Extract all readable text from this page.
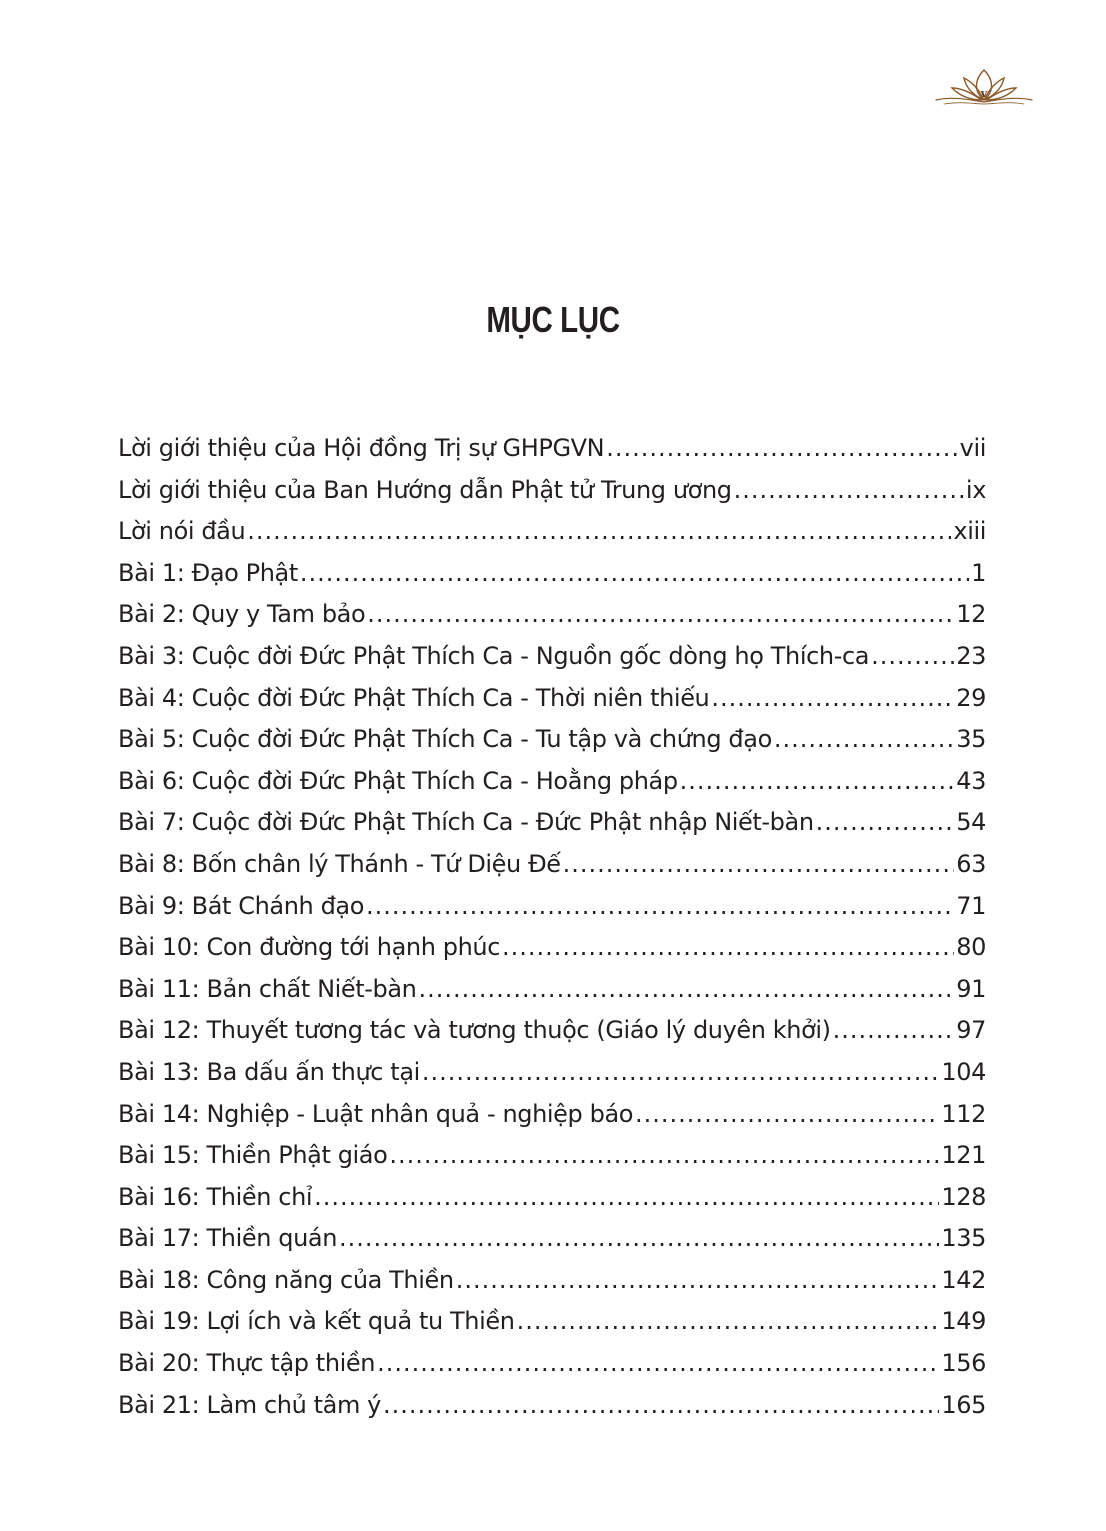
v
MỤC LỤC
Lời giới thiệu của Hội đồng Trị sự GHPGVN .....	vii
Lời giới thiệu của Ban Hướng dẫn Phật tử Trung ương .....	ix
Lời nói đầu .....	xiii
Bài 1: Đạo Phật .....	1
Bài 2: Quy y Tam bảo .....	12
Bài 3: Cuộc đời Đức Phật Thích Ca - Nguồn gốc dòng họ Thích-ca .....	23
Bài 4: Cuộc đời Đức Phật Thích Ca - Thời niên thiếu .....	29
Bài 5: Cuộc đời Đức Phật Thích Ca - Tu tập và chứng đạo .....	35
Bài 6: Cuộc đời Đức Phật Thích Ca - Hoằng pháp .....	43
Bài 7: Cuộc đời Đức Phật Thích Ca - Đức Phật nhập Niết-bàn .....	54
Bài 8: Bốn chân lý Thánh - Tứ Diệu Đế .....	63
Bài 9: Bát Chánh đạo .....	71
Bài 10: Con đường tới hạnh phúc .....	80
Bài 11: Bản chất Niết-bàn .....	91
Bài 12: Thuyết tương tác và tương thuộc (Giáo lý duyên khởi) .....	97
Bài 13: Ba dấu ấn thực tại .....	104
Bài 14: Nghiệp - Luật nhân quả - nghiệp báo .....	112
Bài 15: Thiền Phật giáo .....	121
Bài 16: Thiền chỉ .....	128
Bài 17: Thiền quán .....	135
Bài 18: Công năng của Thiền .....	142
Bài 19: Lợi ích và kết quả tu Thiền .....	149
Bài 20: Thực tập thiền .....	156
Bài 21: Làm chủ tâm ý .....	165
